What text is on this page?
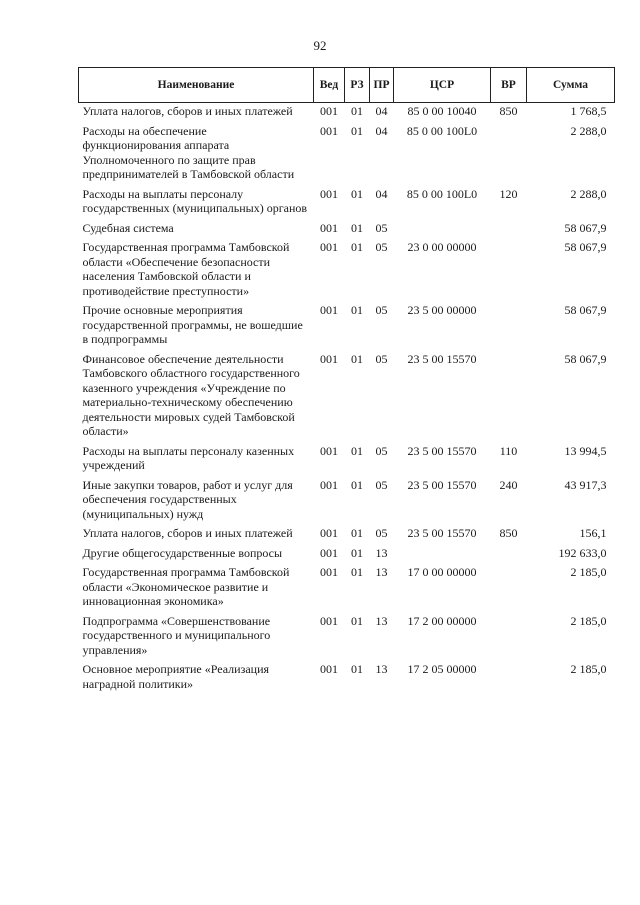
92
Наименование	Вед	РЗ	ПР	ЦСР	ВР	Сумма
Уплата налогов, сборов и иных платежей	001	01	04	85 0 00 10040	850	1 768,5
Расходы на обеспечение функционирования аппарата Уполномоченного по защите прав предпринимателей в Тамбовской области	001	01	04	85 0 00 100L0		2 288,0
Расходы на выплаты персоналу государственных (муниципальных) органов	001	01	04	85 0 00 100L0	120	2 288,0
Судебная система	001	01	05			58 067,9
Государственная программа Тамбовской области «Обеспечение безопасности населения Тамбовской области и противодействие преступности»	001	01	05	23 0 00 00000		58 067,9
Прочие основные мероприятия государственной программы, не вошедшие в подпрограммы	001	01	05	23 5 00 00000		58 067,9
Финансовое обеспечение деятельности Тамбовского областного государственного казенного учреждения «Учреждение по материально-техническому обеспечению деятельности мировых судей Тамбовской области»	001	01	05	23 5 00 15570		58 067,9
Расходы на выплаты персоналу казенных учреждений	001	01	05	23 5 00 15570	110	13 994,5
Иные закупки товаров, работ и услуг для обеспечения государственных (муниципальных) нужд	001	01	05	23 5 00 15570	240	43 917,3
Уплата налогов, сборов и иных платежей	001	01	05	23 5 00 15570	850	156,1
Другие общегосударственные вопросы	001	01	13			192 633,0
Государственная программа Тамбовской области «Экономическое развитие и инновационная экономика»	001	01	13	17 0 00 00000		2 185,0
Подпрограмма «Совершенствование государственного и муниципального управления»	001	01	13	17 2 00 00000		2 185,0
Основное мероприятие «Реализация наградной политики»	001	01	13	17 2 05 00000		2 185,0
